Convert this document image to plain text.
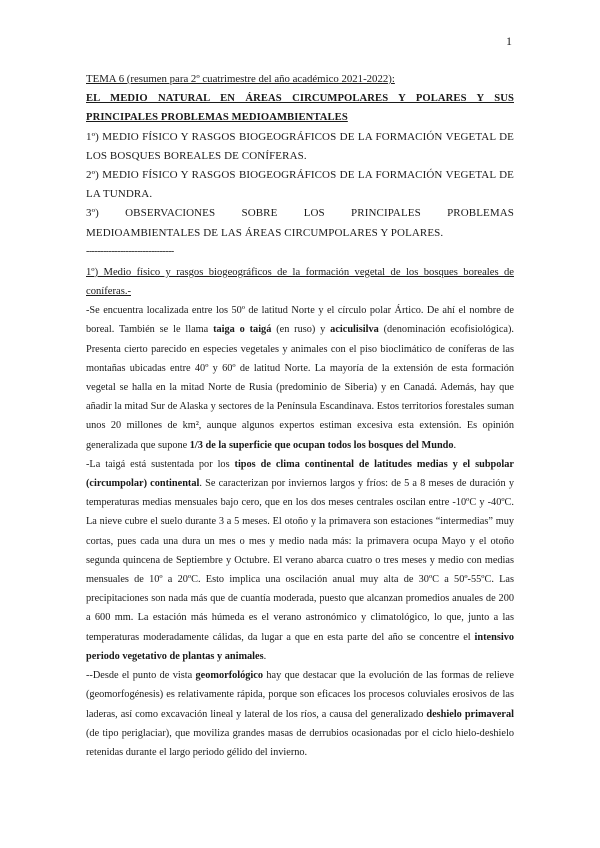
1

TEMA 6 (resumen para 2º cuatrimestre del año académico 2021-2022):

EL MEDIO NATURAL EN ÁREAS CIRCUMPOLARES Y POLARES Y SUS PRINCIPALES PROBLEMAS MEDIOAMBIENTALES

1º) MEDIO FÍSICO Y RASGOS BIOGEOGRÁFICOS DE LA FORMACIÓN VEGETAL DE LOS BOSQUES BOREALES DE CONÍFERAS.

2º) MEDIO FÍSICO Y RASGOS BIOGEOGRÁFICOS DE LA FORMACIÓN VEGETAL DE LA TUNDRA.

3º) OBSERVACIONES SOBRE LOS PRINCIPALES PROBLEMAS MEDIOAMBIENTALES DE LAS ÁREAS CIRCUMPOLARES Y POLARES.

-------------------------------

1º) Medio físico y rasgos biogeográficos de la formación vegetal de los bosques boreales de coníferas.-

-Se encuentra localizada entre los 50º de latitud Norte y el círculo polar Ártico. De ahí el nombre de boreal. También se le llama taiga o taigá (en ruso) y aciculisilva (denominación ecofisiológica). Presenta cierto parecido en especies vegetales y animales con el piso bioclimático de coníferas de las montañas ubicadas entre 40º y 60º de latitud Norte. La mayoría de la extensión de esta formación vegetal se halla en la mitad Norte de Rusia (predominio de Siberia) y en Canadá. Además, hay que añadir la mitad Sur de Alaska y sectores de la Península Escandinava. Estos territorios forestales suman unos 20 millones de km², aunque algunos expertos estiman excesiva esta extensión. Es opinión generalizada que supone 1/3 de la superficie que ocupan todos los bosques del Mundo.

-La taigá está sustentada por los tipos de clima continental de latitudes medias y el subpolar (circumpolar) continental. Se caracterizan por inviernos largos y fríos: de 5 a 8 meses de duración y temperaturas medias mensuales bajo cero, que en los dos meses centrales oscilan entre -10ºC y -40ºC. La nieve cubre el suelo durante 3 a 5 meses. El otoño y la primavera son estaciones “intermedias” muy cortas, pues cada una dura un mes o mes y medio nada más: la primavera ocupa Mayo y el otoño segunda quincena de Septiembre y Octubre. El verano abarca cuatro o tres meses y medio con medias mensuales de 10º a 20ºC. Esto implica una oscilación anual muy alta de 30ºC a 50º-55ºC. Las precipitaciones son nada más que de cuantía moderada, puesto que alcanzan promedios anuales de 200 a 600 mm. La estación más húmeda es el verano astronómico y climatológico, lo que, junto a las temperaturas moderadamente cálidas, da lugar a que en esta parte del año se concentre el intensivo periodo vegetativo de plantas y animales.

--Desde el punto de vista geomorfológico hay que destacar que la evolución de las formas de relieve (geomorfogénesis) es relativamente rápida, porque son eficaces los procesos coluviales erosivos de las laderas, así como excavación lineal y lateral de los ríos, a causa del generalizado deshielo primaveral (de tipo periglaciar), que moviliza grandes masas de derrubios ocasionadas por el ciclo hielo-deshielo retenidas durante el largo periodo gélido del invierno.
